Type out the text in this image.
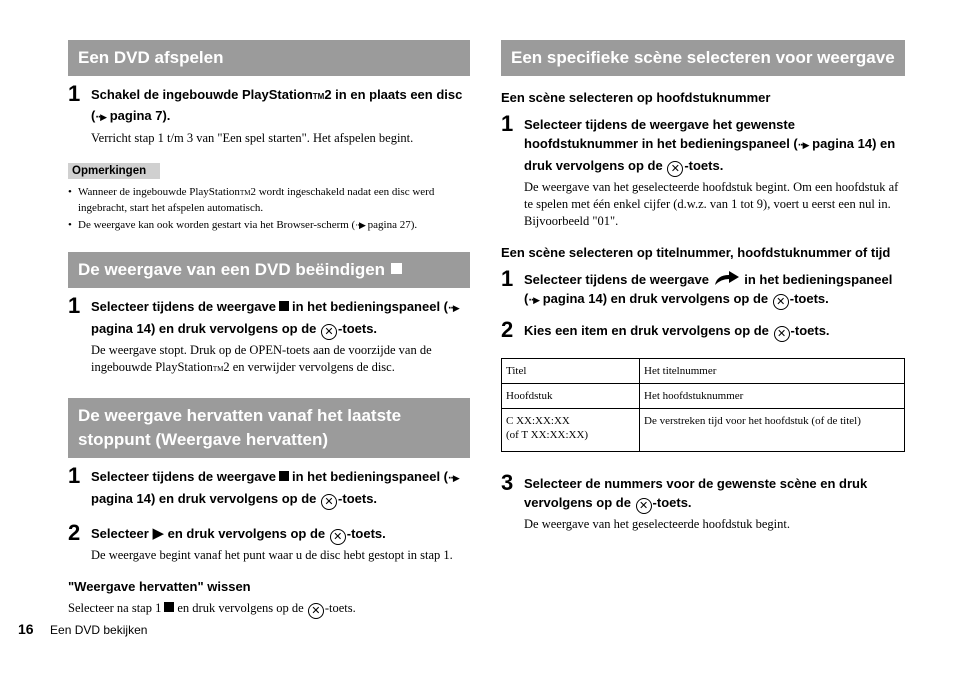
Een DVD afspelen
1 Schakel de ingebouwde PlayStationTM2 in en plaats een disc (··▶ pagina 7).
Verricht stap 1 t/m 3 van "Een spel starten". Het afspelen begint.
Opmerkingen
• Wanneer de ingebouwde PlayStationTM2 wordt ingeschakeld nadat een disc werd ingebracht, start het afspelen automatisch.
• De weergave kan ook worden gestart via het Browser-scherm (··▶ pagina 27).
De weergave van een DVD beëindigen
1 Selecteer tijdens de weergave in het bedieningspaneel (··▶ pagina 14) en druk vervolgens op de ✕ -toets.
De weergave stopt. Druk op de OPEN-toets aan de voorzijde van de ingebouwde PlayStationTM2 en verwijder vervolgens de disc.
De weergave hervatten vanaf het laatste stoppunt (Weergave hervatten)
1 Selecteer tijdens de weergave in het bedieningspaneel (··▶ pagina 14) en druk vervolgens op de ✕ -toets.
2 Selecteer ▶ en druk vervolgens op de ✕ -toets.
De weergave begint vanaf het punt waar u de disc hebt gestopt in stap 1.
"Weergave hervatten" wissen
Selecteer na stap 1 en druk vervolgens op de ✕ -toets.
Een specifieke scène selecteren voor weergave
Een scène selecteren op hoofdstuknummer
1 Selecteer tijdens de weergave het gewenste hoofdstuknummer in het bedieningspaneel (··▶ pagina 14) en druk vervolgens op de ✕ -toets.
De weergave van het geselecteerde hoofdstuk begint. Om een hoofdstuk af te spelen met één enkel cijfer (d.w.z. van 1 tot 9), voert u eerst een nul in. Bijvoorbeeld "01".
Een scène selecteren op titelnummer, hoofdstuknummer of tijd
1 Selecteer tijdens de weergave	in het bedieningspaneel (··▶ pagina 14) en druk vervolgens op de ✕ -toets.
2 Kies een item en druk vervolgens op de ✕ -toets.
Titel	Het titelnummer
Hoofdstuk	Het hoofdstuknummer

C XX:XX:XX
(of T XX:XX:XX)	De verstreken tijd voor het hoofdstuk (of de titel)
3 Selecteer de nummers voor de gewenste scène en druk vervolgens op de ✕ -toets.
De weergave van het geselecteerde hoofdstuk begint.
16 Een DVD bekijken
